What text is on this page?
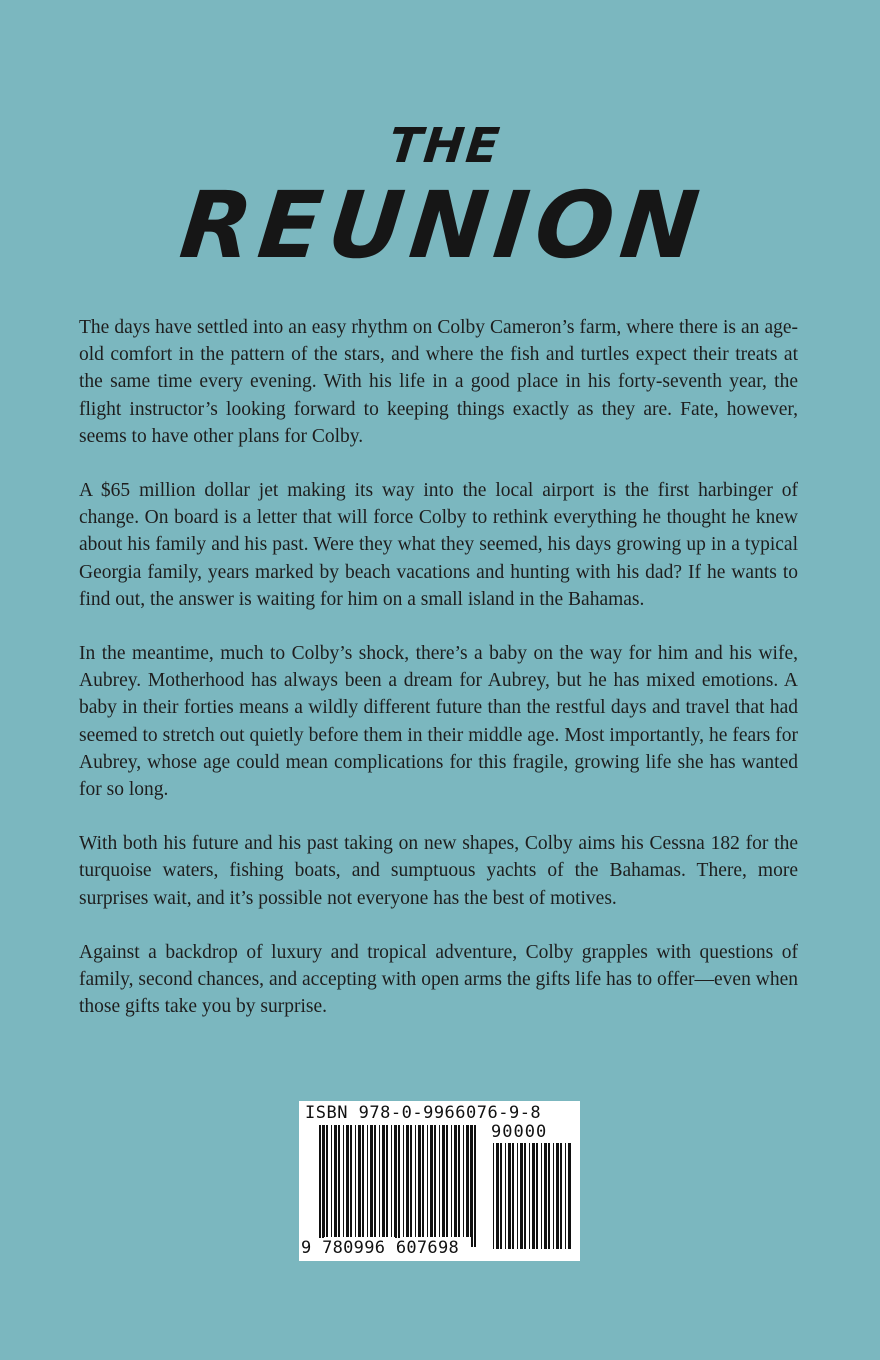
THE
REUNION

The days have settled into an easy rhythm on Colby Cameron’s farm, where there is an age-old comfort in the pattern of the stars, and where the fish and turtles expect their treats at the same time every evening. With his life in a good place in his forty-seventh year, the flight instructor’s looking forward to keeping things exactly as they are. Fate, however, seems to have other plans for Colby.

A $65 million dollar jet making its way into the local airport is the first harbinger of change. On board is a letter that will force Colby to rethink everything he thought he knew about his family and his past. Were they what they seemed, his days growing up in a typical Georgia family, years marked by beach vacations and hunting with his dad? If he wants to find out, the answer is waiting for him on a small island in the Bahamas.

In the meantime, much to Colby’s shock, there’s a baby on the way for him and his wife, Aubrey. Motherhood has always been a dream for Aubrey, but he has mixed emotions. A baby in their forties means a wildly different future than the restful days and travel that had seemed to stretch out quietly before them in their middle age. Most importantly, he fears for Aubrey, whose age could mean complications for this fragile, growing life she has wanted for so long.

With both his future and his past taking on new shapes, Colby aims his Cessna 182 for the turquoise waters, fishing boats, and sumptuous yachts of the Bahamas. There, more surprises wait, and it’s possible not everyone has the best of motives.

Against a backdrop of luxury and tropical adventure, Colby grapples with questions of family, second chances, and accepting with open arms the gifts life has to offer—even when those gifts take you by surprise.

ISBN 978-0-9966076-9-8
90000
9 780996 607698
